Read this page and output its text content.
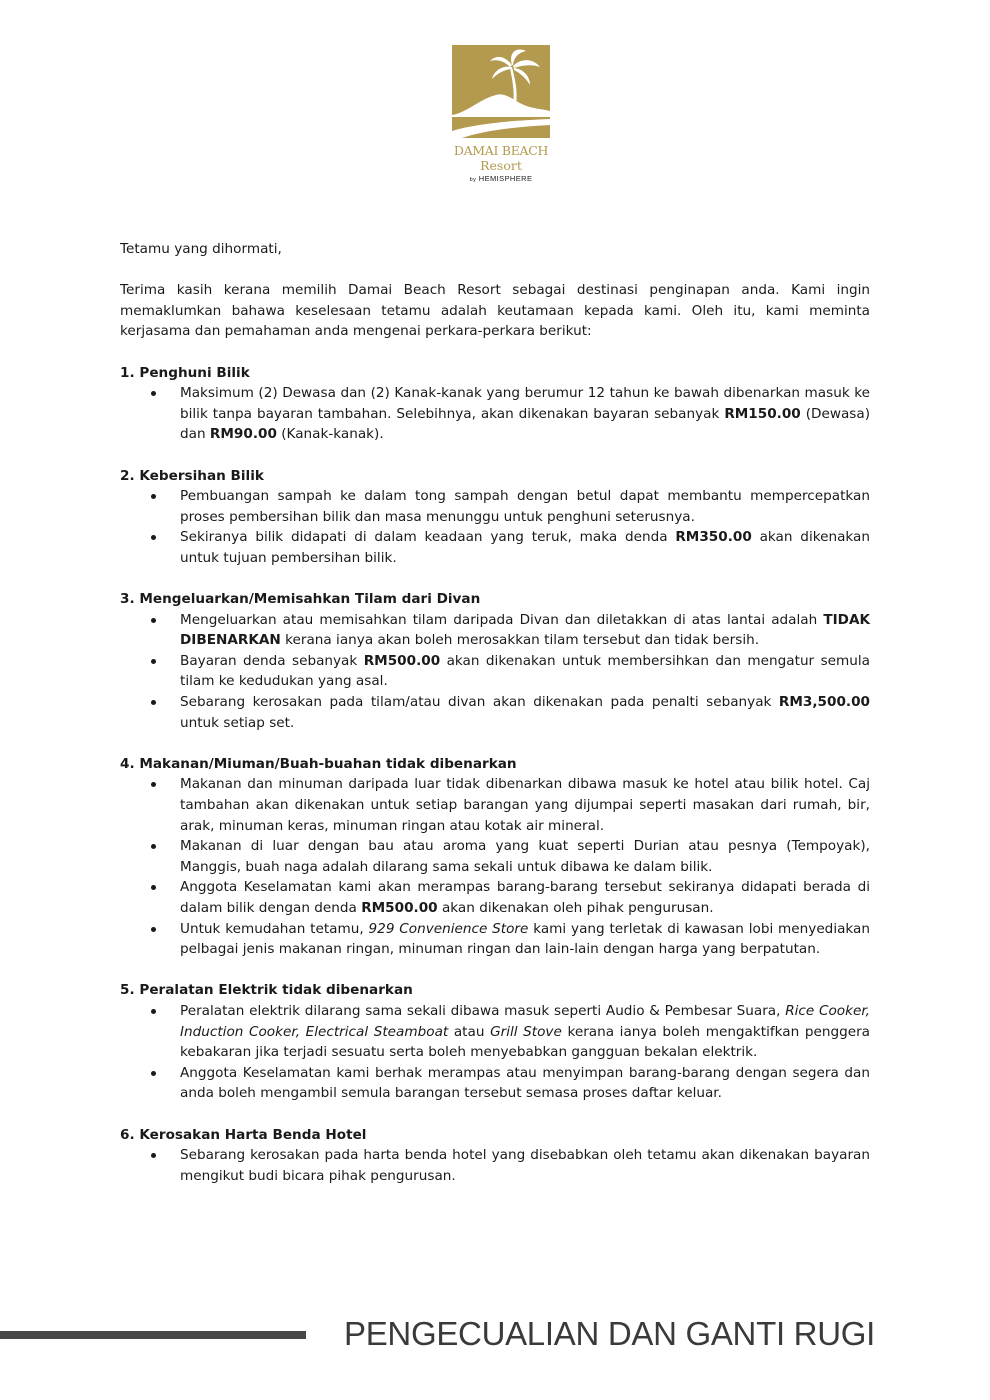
DAMAI BEACH
Resort
by HEMISPHERE

Tetamu yang dihormati,

Terima kasih kerana memilih Damai Beach Resort sebagai destinasi penginapan anda. Kami ingin memaklumkan bahawa keselesaan tetamu adalah keutamaan kepada kami. Oleh itu, kami meminta kerjasama dan pemahaman anda mengenai perkara-perkara berikut:

1. Penghuni Bilik

Maksimum (2) Dewasa dan (2) Kanak-kanak yang berumur 12 tahun ke bawah dibenarkan masuk ke bilik tanpa bayaran tambahan. Selebihnya, akan dikenakan bayaran sebanyak RM150.00 (Dewasa) dan RM90.00 (Kanak-kanak).

2. Kebersihan Bilik

Pembuangan sampah ke dalam tong sampah dengan betul dapat membantu mempercepatkan proses pembersihan bilik dan masa menunggu untuk penghuni seterusnya.
Sekiranya bilik didapati di dalam keadaan yang teruk, maka denda RM350.00 akan dikenakan untuk tujuan pembersihan bilik.

3. Mengeluarkan/Memisahkan Tilam dari Divan

Mengeluarkan atau memisahkan tilam daripada Divan dan diletakkan di atas lantai adalah TIDAK DIBENARKAN kerana ianya akan boleh merosakkan tilam tersebut dan tidak bersih.
Bayaran denda sebanyak RM500.00 akan dikenakan untuk membersihkan dan mengatur semula tilam ke kedudukan yang asal.
Sebarang kerosakan pada tilam/atau divan akan dikenakan pada penalti sebanyak RM3,500.00 untuk setiap set.

4. Makanan/Miuman/Buah-buahan tidak dibenarkan

Makanan dan minuman daripada luar tidak dibenarkan dibawa masuk ke hotel atau bilik hotel. Caj tambahan akan dikenakan untuk setiap barangan yang dijumpai seperti masakan dari rumah, bir, arak, minuman keras, minuman ringan atau kotak air mineral.
Makanan di luar dengan bau atau aroma yang kuat seperti Durian atau pesnya (Tempoyak), Manggis, buah naga adalah dilarang sama sekali untuk dibawa ke dalam bilik.
Anggota Keselamatan kami akan merampas barang-barang tersebut sekiranya didapati berada di dalam bilik dengan denda RM500.00 akan dikenakan oleh pihak pengurusan.
Untuk kemudahan tetamu, 929 Convenience Store kami yang terletak di kawasan lobi menyediakan pelbagai jenis makanan ringan, minuman ringan dan lain-lain dengan harga yang berpatutan.

5. Peralatan Elektrik tidak dibenarkan

Peralatan elektrik dilarang sama sekali dibawa masuk seperti Audio & Pembesar Suara, Rice Cooker, Induction Cooker, Electrical Steamboat atau Grill Stove kerana ianya boleh mengaktifkan penggera kebakaran jika terjadi sesuatu serta boleh menyebabkan gangguan bekalan elektrik.
Anggota Keselamatan kami berhak merampas atau menyimpan barang-barang dengan segera dan anda boleh mengambil semula barangan tersebut semasa proses daftar keluar.

6. Kerosakan Harta Benda Hotel

Sebarang kerosakan pada harta benda hotel yang disebabkan oleh tetamu akan dikenakan bayaran mengikut budi bicara pihak pengurusan.
PENGECUALIAN DAN GANTI RUGI
